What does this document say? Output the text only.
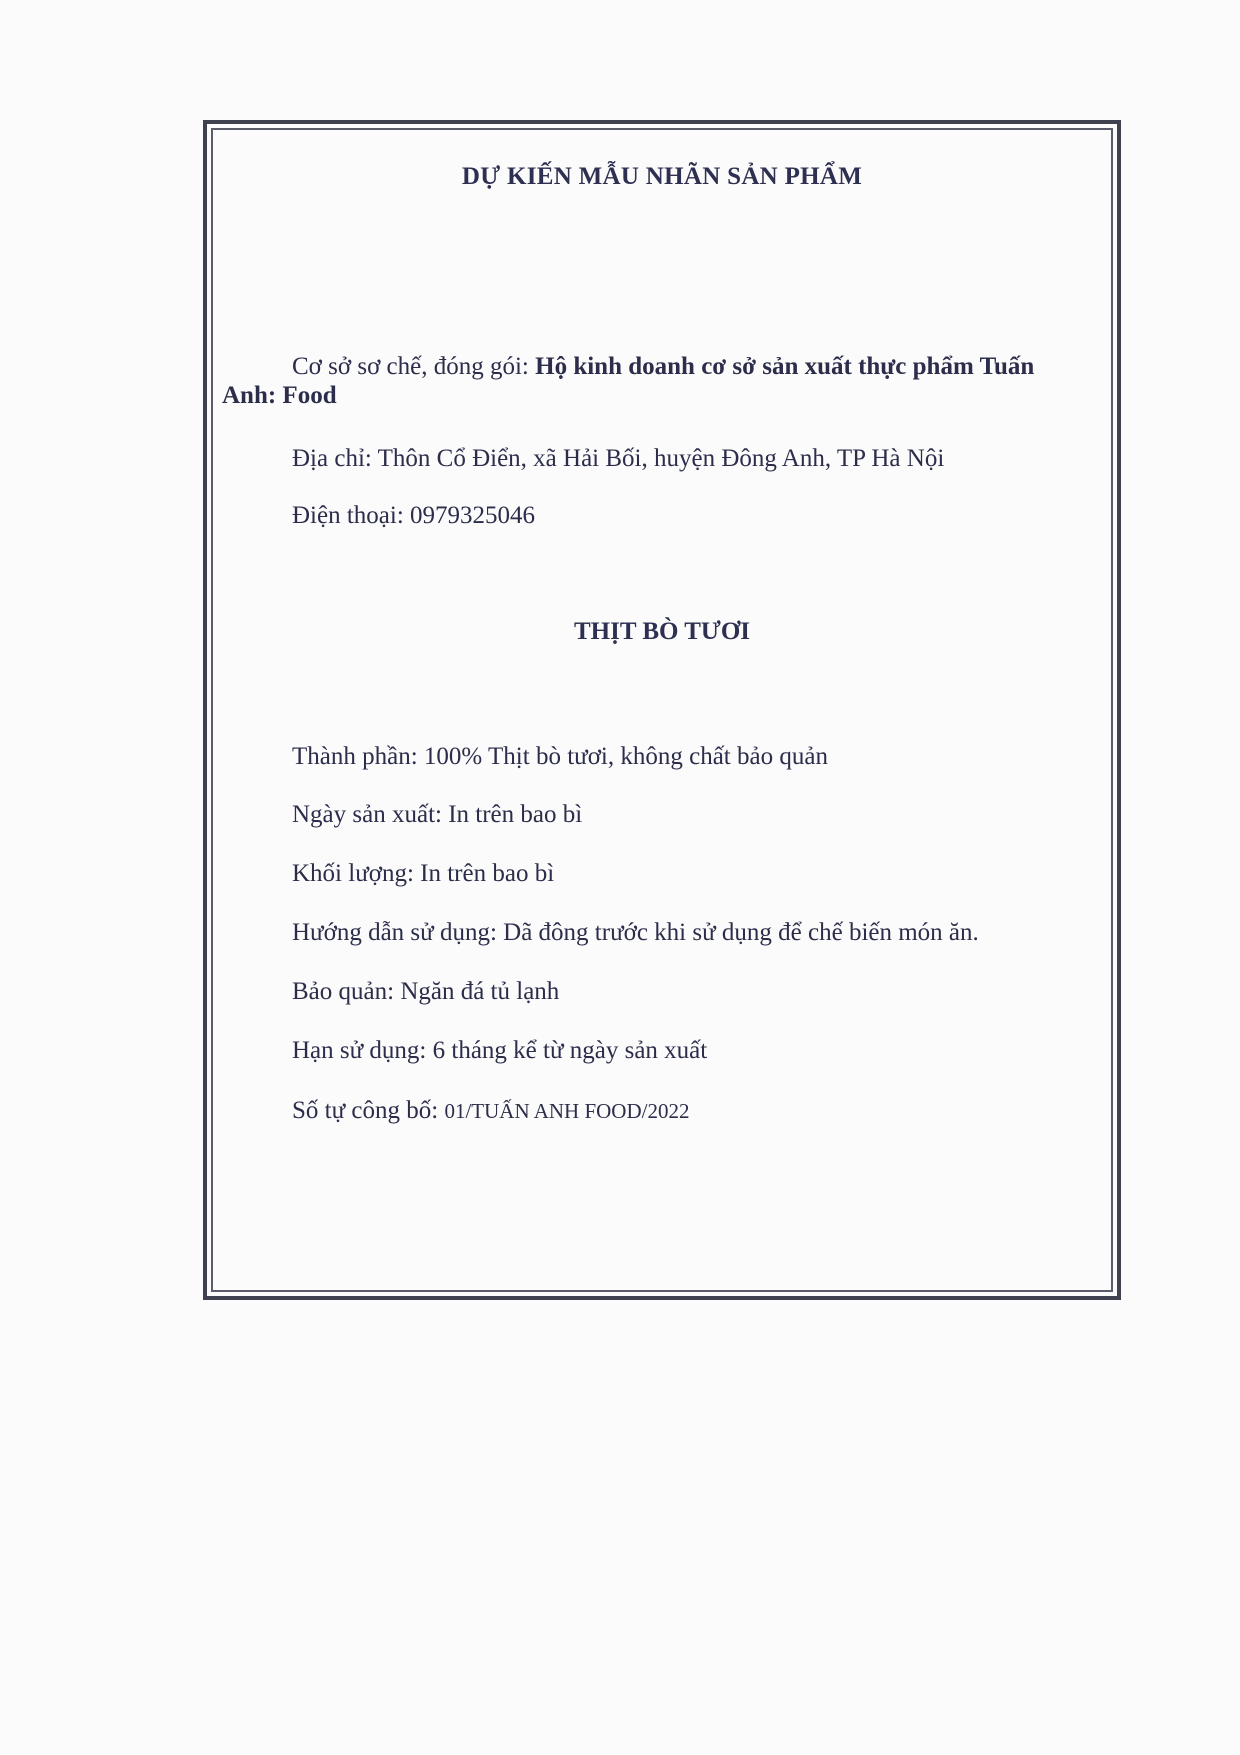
DỰ KIẾN MẪU NHÃN SẢN PHẨM
Cơ sở sơ chế, đóng gói: Hộ kinh doanh cơ sở sản xuất thực phẩm Tuấn
Anh: Food
Địa chỉ: Thôn Cổ Điển, xã Hải Bối, huyện Đông Anh, TP Hà Nội
Điện thoại: 0979325046
THỊT BÒ TƯƠI
Thành phần: 100% Thịt bò tươi, không chất bảo quản
Ngày sản xuất: In trên bao bì
Khối lượng: In trên bao bì
Hướng dẫn sử dụng: Dã đông trước khi sử dụng để chế biến món ăn.
Bảo quản: Ngăn đá tủ lạnh
Hạn sử dụng: 6 tháng kể từ ngày sản xuất
Số tự công bố: 01/TUẤN ANH FOOD/2022
